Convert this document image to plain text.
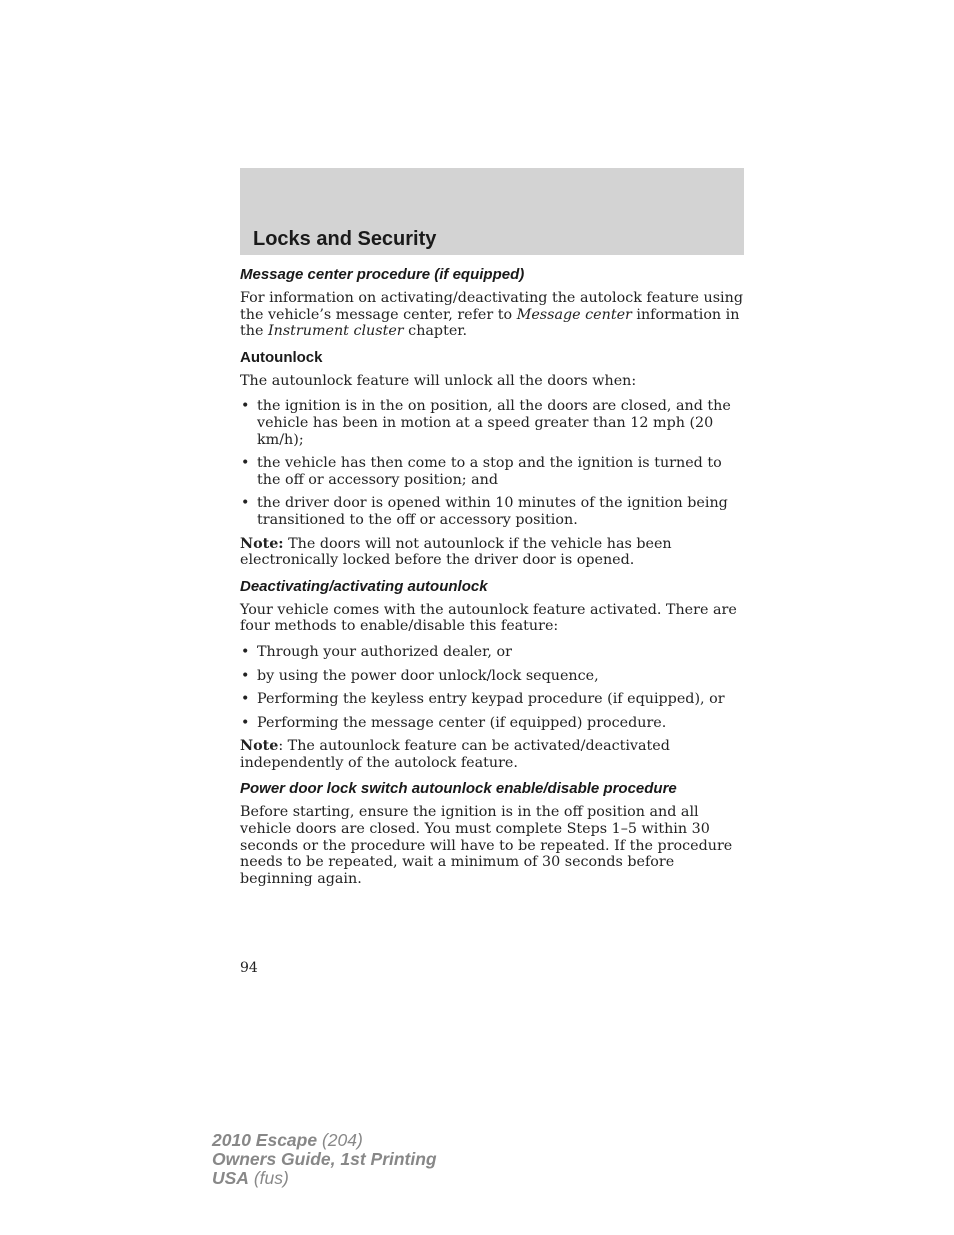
Locks and Security
Message center procedure (if equipped)

For information on activating/deactivating the autolock feature using the vehicle’s message center, refer to Message center information in the Instrument cluster chapter.

Autounlock

The autounlock feature will unlock all the doors when:

• the ignition is in the on position, all the doors are closed, and the vehicle has been in motion at a speed greater than 12 mph (20 km/h);
• the vehicle has then come to a stop and the ignition is turned to the off or accessory position; and
• the driver door is opened within 10 minutes of the ignition being transitioned to the off or accessory position.

Note: The doors will not autounlock if the vehicle has been electronically locked before the driver door is opened.

Deactivating/activating autounlock

Your vehicle comes with the autounlock feature activated. There are four methods to enable/disable this feature:

• Through your authorized dealer, or
• by using the power door unlock/lock sequence,
• Performing the keyless entry keypad procedure (if equipped), or
• Performing the message center (if equipped) procedure.

Note: The autounlock feature can be activated/deactivated independently of the autolock feature.

Power door lock switch autounlock enable/disable procedure

Before starting, ensure the ignition is in the off position and all vehicle doors are closed. You must complete Steps 1–5 within 30 seconds or the procedure will have to be repeated. If the procedure needs to be repeated, wait a minimum of 30 seconds before beginning again.

94
2010 Escape (204)
Owners Guide, 1st Printing
USA (fus)
